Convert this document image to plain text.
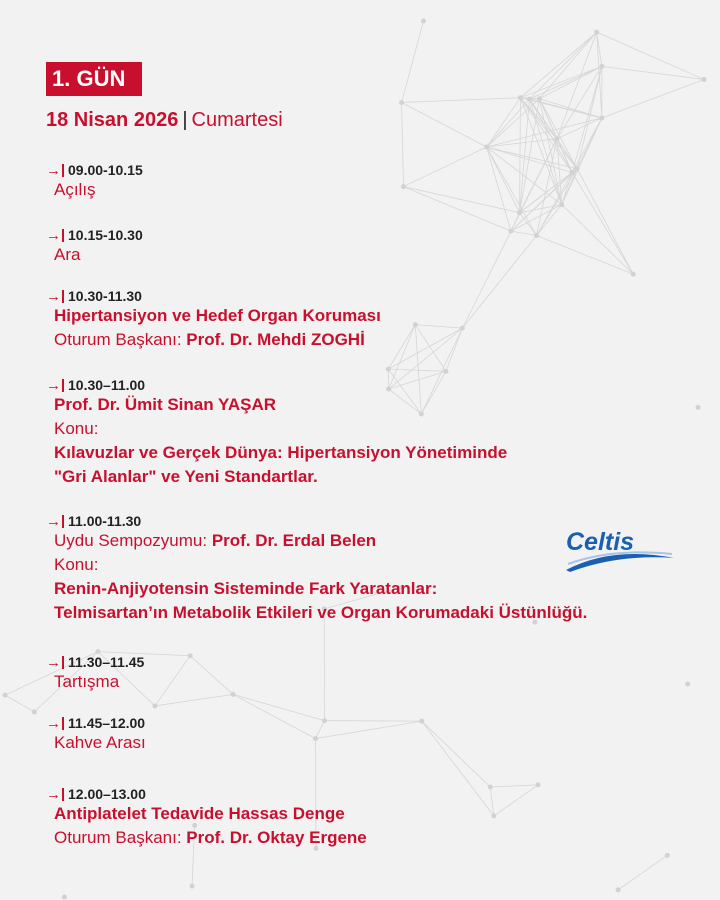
1. GÜN
18 Nisan 2026 | Cumartesi
→ 09.00-10.15
Açılış
→ 10.15-10.30
Ara
→ 10.30-11.30
Hipertansiyon ve Hedef Organ Koruması
Oturum Başkanı: Prof. Dr. Mehdi ZOGHİ
→ 10.30–11.00
Prof. Dr. Ümit Sinan YAŞAR
Konu:
Kılavuzlar ve Gerçek Dünya: Hipertansiyon Yönetiminde
"Gri Alanlar" ve Yeni Standartlar.
→ 11.00-11.30
Uydu Sempozyumu: Prof. Dr. Erdal Belen
Konu:
Renin-Anjiyotensin Sisteminde Fark Yaratanlar:
Telmisartan’ın Metabolik Etkileri ve Organ Korumadaki Üstünlüğü.
→ 11.30–11.45
Tartışma
→ 11.45–12.00
Kahve Arası
→ 12.00–13.00
Antiplatelet Tedavide Hassas Denge
Oturum Başkanı: Prof. Dr. Oktay Ergene
Celtis
